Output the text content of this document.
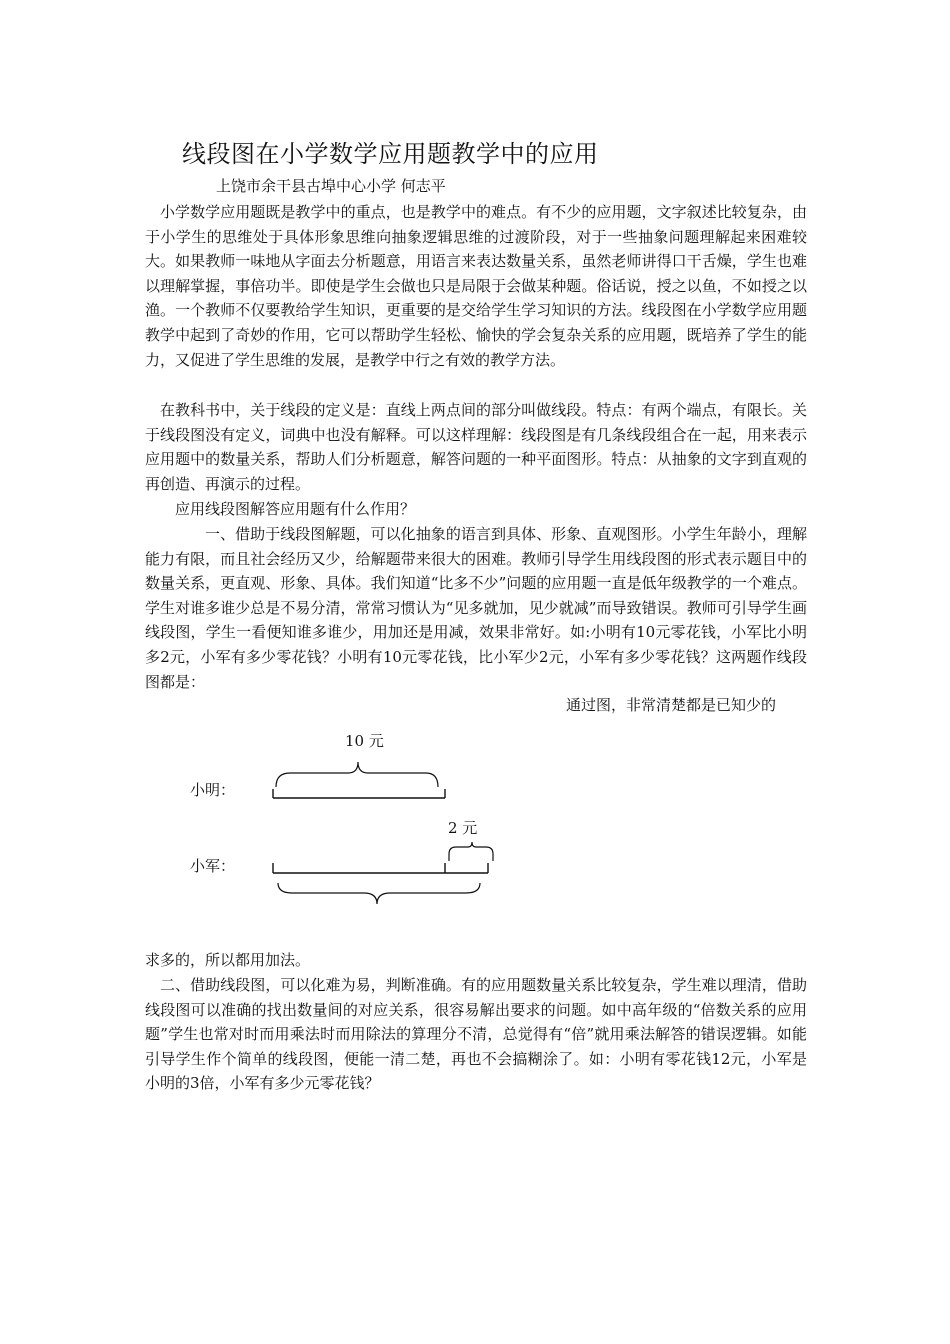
线段图在小学数学应用题教学中的应用

上饶市余干县古埠中心小学 何志平

小学数学应用题既是教学中的重点，也是教学中的难点。有不少的应用题，文字叙述比较复杂，由于小学生的思维处于具体形象思维向抽象逻辑思维的过渡阶段，对于一些抽象问题理解起来困难较大。如果教师一味地从字面去分析题意，用语言来表达数量关系，虽然老师讲得口干舌燥，学生也难以理解掌握，事倍功半。即使是学生会做也只是局限于会做某种题。俗话说，授之以鱼，不如授之以渔。一个教师不仅要教给学生知识，更重要的是交给学生学习知识的方法。线段图在小学数学应用题教学中起到了奇妙的作用，它可以帮助学生轻松、愉快的学会复杂关系的应用题，既培养了学生的能力，又促进了学生思维的发展，是教学中行之有效的教学方法。

在教科书中，关于线段的定义是：直线上两点间的部分叫做线段。特点：有两个端点，有限长。关于线段图没有定义，词典中也没有解释。可以这样理解：线段图是有几条线段组合在一起，用来表示应用题中的数量关系，帮助人们分析题意，解答问题的一种平面图形。特点：从抽象的文字到直观的再创造、再演示的过程。

应用线段图解答应用题有什么作用？

一、借助于线段图解题，可以化抽象的语言到具体、形象、直观图形。小学生年龄小，理解能力有限，而且社会经历又少，给解题带来很大的困难。教师引导学生用线段图的形式表示题目中的数量关系，更直观、形象、具体。我们知道“比多不少”问题的应用题一直是低年级教学的一个难点。学生对谁多谁少总是不易分清，常常习惯认为“见多就加，见少就减”而导致错误。教师可引导学生画线段图，学生一看便知谁多谁少，用加还是用减，效果非常好。如:小明有10元零花钱，小军比小明多2元，小军有多少零花钱？小明有10元零花钱，比小军少2元，小军有多少零花钱？这两题作线段图都是：

通过图，非常清楚都是已知少的

10 元
小明：
2 元
小军：

求多的，所以都用加法。

二、借助线段图，可以化难为易，判断准确。有的应用题数量关系比较复杂，学生难以理清，借助线段图可以准确的找出数量间的对应关系，很容易解出要求的问题。如中高年级的“倍数关系的应用题”学生也常对时而用乘法时而用除法的算理分不清，总觉得有“倍”就用乘法解答的错误逻辑。如能引导学生作个简单的线段图，便能一清二楚，再也不会搞糊涂了。如：小明有零花钱12元，小军是小明的3倍，小军有多少元零花钱？
